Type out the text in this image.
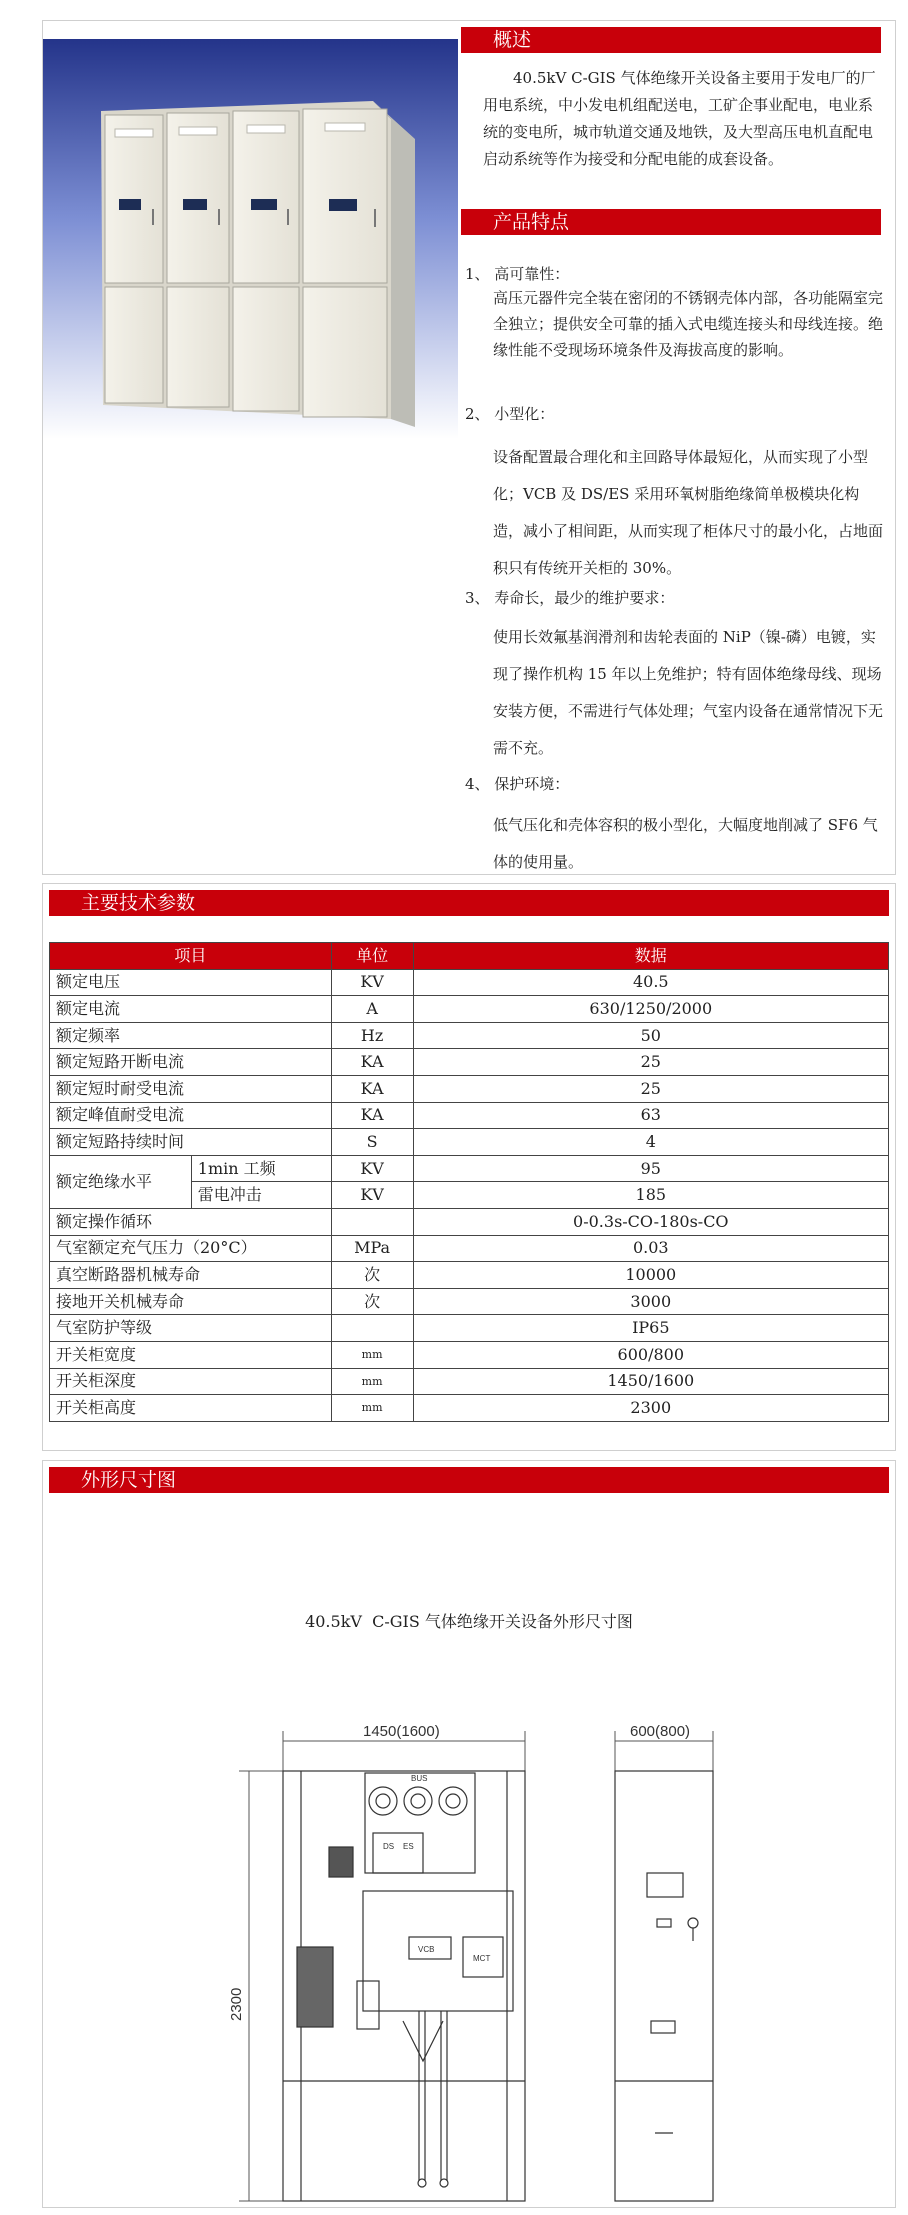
概述

40.5kV C-GIS 气体绝缘开关设备主要用于发电厂的厂用电系统，中小发电机组配送电，工矿企事业配电，电业系统的变电所，城市轨道交通及地铁，及大型高压电机直配电启动系统等作为接受和分配电能的成套设备。

产品特点
1、 高可靠性：

高压元器件完全装在密闭的不锈钢壳体内部，各功能隔室完全独立；提供安全可靠的插入式电缆连接头和母线连接。绝缘性能不受现场环境条件及海拔高度的影响。

2、 小型化：

设备配置最合理化和主回路导体最短化，从而实现了小型化；VCB 及 DS/ES 采用环氧树脂绝缘简单极模块化构造，减小了相间距，从而实现了柜体尺寸的最小化，占地面积只有传统开关柜的 30%。

3、 寿命长，最少的维护要求：

使用长效氟基润滑剂和齿轮表面的 NiP（镍-磷）电镀，实现了操作机构 15 年以上免维护；特有固体绝缘母线、现场安装方便，不需进行气体处理；气室内设备在通常情况下无需不充。

4、 保护环境：

低气压化和壳体容积的极小型化，大幅度地削减了 SF6 气体的使用量。

主要技术参数
项目		单位	数据
额定电压		KV	40.5
额定电流		A	630/1250/2000
额定频率		Hz	50
额定短路开断电流		KA	25
额定短时耐受电流		KA	25
额定峰值耐受电流		KA	63
额定短路持续时间		S	4
额定绝缘水平	1min 工频	KV	95
	雷电冲击	KV	185
额定操作循环			0-0.3s-CO-180s-CO
气室额定充气压力（20°C）		MPa	0.03
真空断路器机械寿命		次	10000
接地开关机械寿命		次	3000
气室防护等级			IP65
开关柜宽度		mm	600/800
开关柜深度		mm	1450/1600
开关柜高度		mm	2300
外形尺寸图
40.5kV  C-GIS 气体绝缘开关设备外形尺寸图
1450(1600)	600(800)
2300
BUS
DS ES
VCB
MCT
